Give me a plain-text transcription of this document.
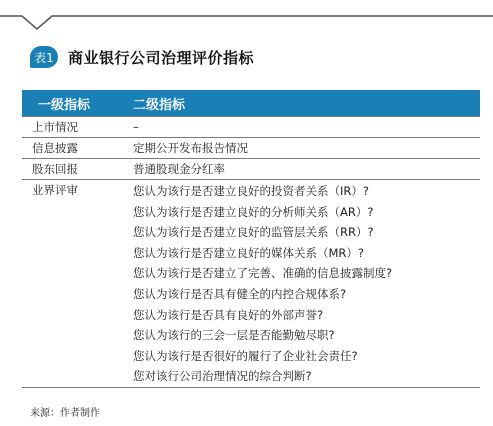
表1 商业银行公司治理评价指标
一级指标	二级指标
上市情况	–
信息披露	定期公开发布报告情况
股东回报	普通股现金分红率
业界评审	您认为该行是否建立良好的投资者关系（IR）?
您认为该行是否建立良好的分析师关系（AR）?
您认为该行是否建立良好的监管层关系（RR）?
您认为该行是否建立良好的媒体关系（MR）?
您认为该行是否建立了完善、准确的信息披露制度?
您认为该行是否具有健全的内控合规体系?
您认为该行是否具有良好的外部声誉?
您认为该行的三会一层是否能勤勉尽职?
您认为该行是否很好的履行了企业社会责任?
您对该行公司治理情况的综合判断?
来源：作者制作
